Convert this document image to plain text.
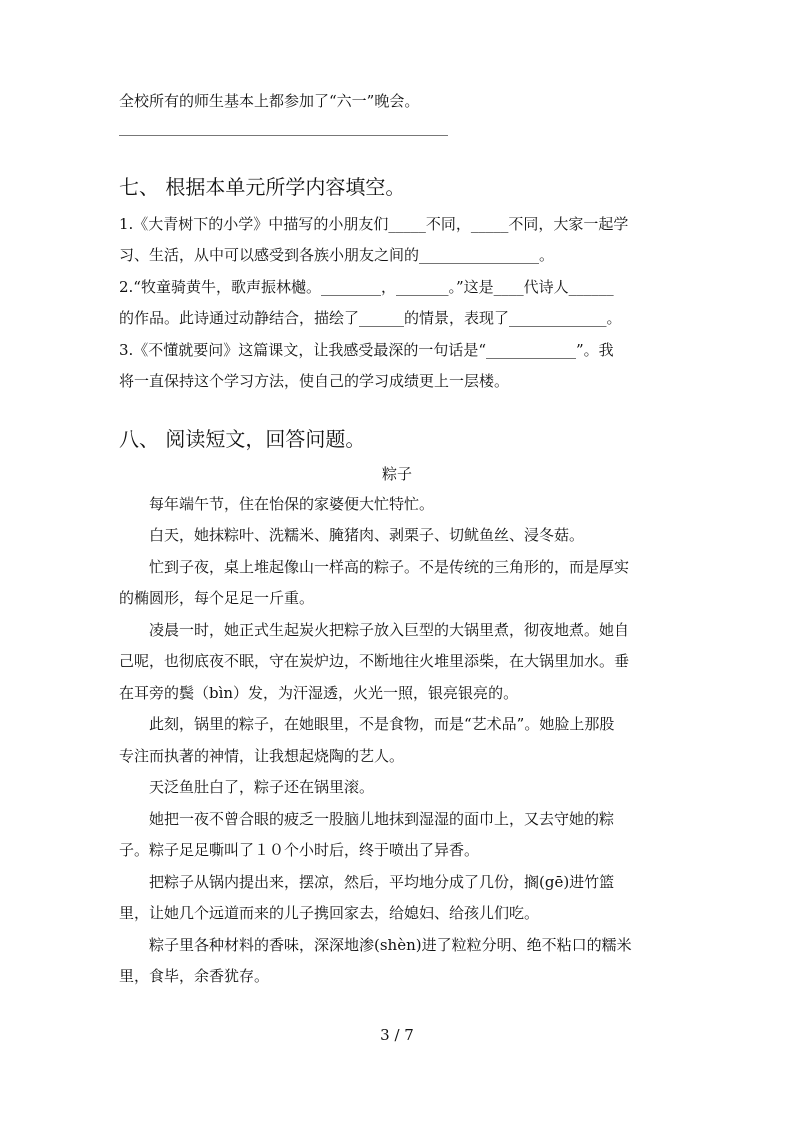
全校所有的师生基本上都参加了“六一”晚会。
七、 根据本单元所学内容填空。
1.《大青树下的小学》中描写的小朋友们_____不同，_____不同，大家一起学
习、生活，从中可以感受到各族小朋友之间的________________。
2.“牧童骑黄牛，歌声振林樾。________，_______。”这是____代诗人______
的作品。此诗通过动静结合，描绘了______的情景，表现了_____________。
3.《不懂就要问》这篇课文，让我感受最深的一句话是“____________”。我
将一直保持这个学习方法，使自己的学习成绩更上一层楼。
八、 阅读短文，回答问题。
粽子
每年端午节，住在怡保的家婆便大忙特忙。
白天，她抹粽叶、洗糯米、腌猪肉、剥栗子、切鱿鱼丝、浸冬菇。
忙到子夜，桌上堆起像山一样高的粽子。不是传统的三角形的，而是厚实
的椭圆形，每个足足一斤重。
凌晨一时，她正式生起炭火把粽子放入巨型的大锅里煮，彻夜地煮。她自
己呢，也彻底夜不眠，守在炭炉边，不断地往火堆里添柴，在大锅里加水。垂
在耳旁的鬓（bìn）发，为汗湿透，火光一照，银亮银亮的。
此刻，锅里的粽子，在她眼里，不是食物，而是“艺术品”。她脸上那股
专注而执著的神情，让我想起烧陶的艺人。
天泛鱼肚白了，粽子还在锅里滚。
她把一夜不曾合眼的疲乏一股脑儿地抹到湿湿的面巾上，又去守她的粽
子。粽子足足嘶叫了１０个小时后，终于喷出了异香。
把粽子从锅内提出来，摆凉，然后，平均地分成了几份，搁(gē)进竹篮
里，让她几个远道而来的儿子携回家去，给媳妇、给孩儿们吃。
粽子里各种材料的香味，深深地渗(shèn)进了粒粒分明、绝不粘口的糯米
里，食毕，余香犹存。
3 / 7
